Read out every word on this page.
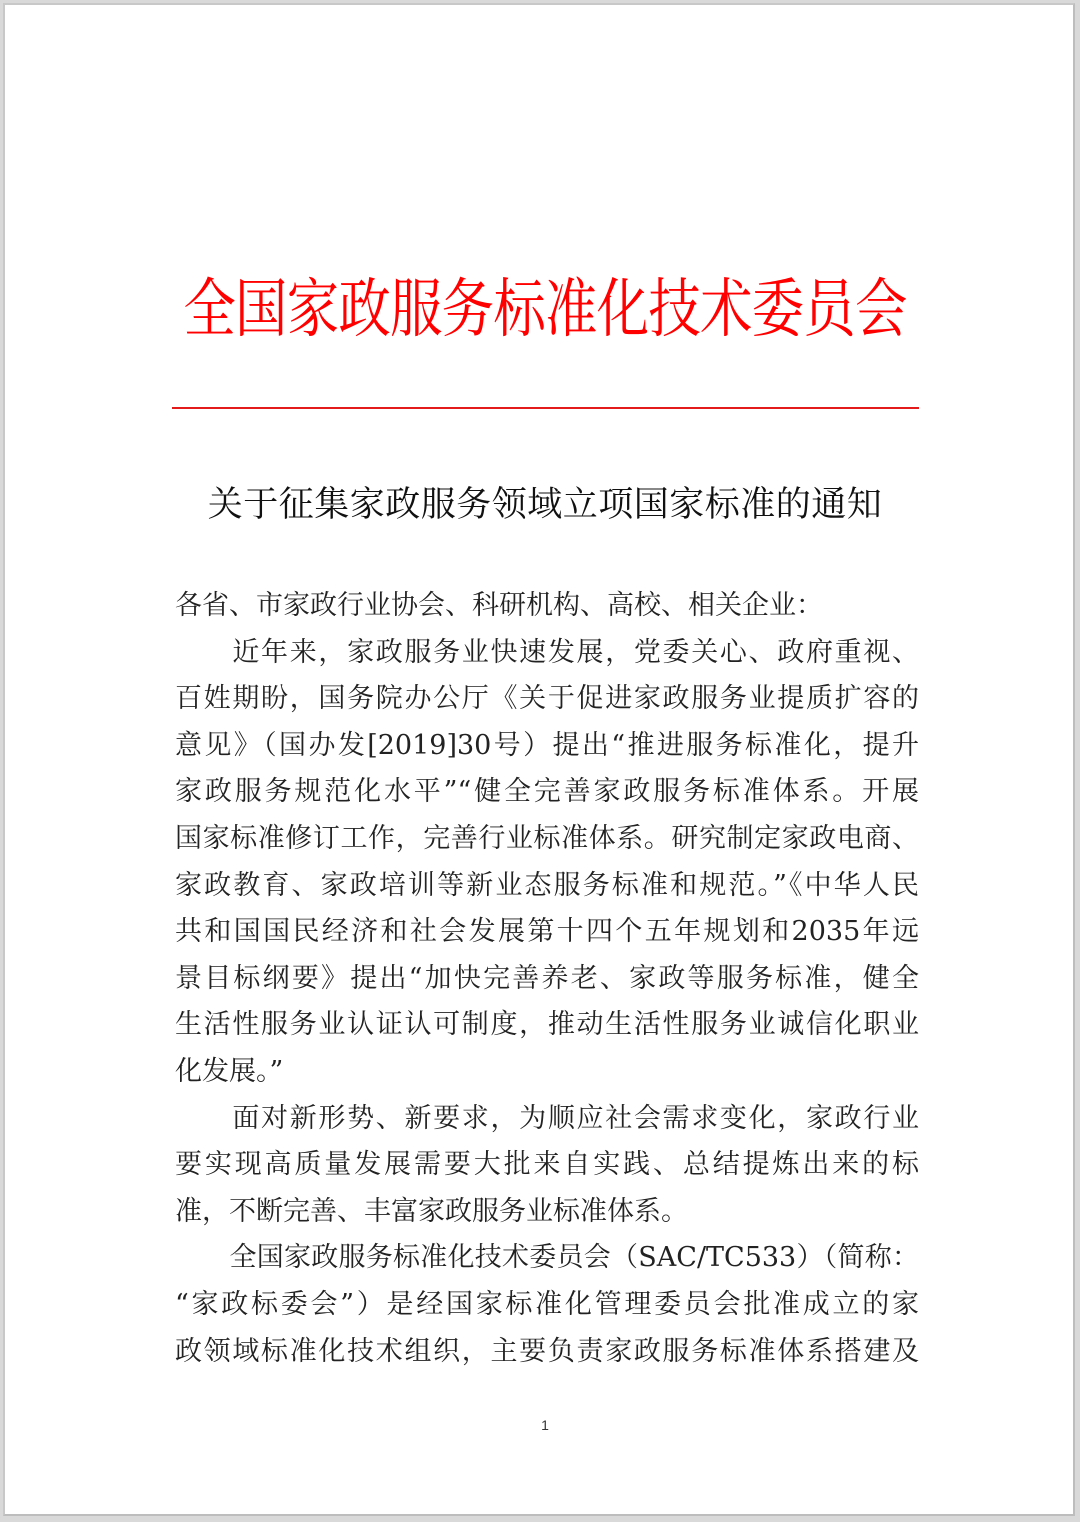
全国家政服务标准化技术委员会
关于征集家政服务领域立项国家标准的通知
各省、市家政行业协会、科研机构、高校、相关企业：
　　近年来，家政服务业快速发展，党委关心、政府重视、
百姓期盼，国务院办公厅《关于促进家政服务业提质扩容的
意见》（国办发[2019]30号）提出“推进服务标准化，提升
家政服务规范化水平”“健全完善家政服务标准体系。开展
国家标准修订工作，完善行业标准体系。研究制定家政电商、
家政教育、家政培训等新业态服务标准和规范。”《中华人民
共和国国民经济和社会发展第十四个五年规划和2035年远
景目标纲要》提出“加快完善养老、家政等服务标准，健全
生活性服务业认证认可制度，推动生活性服务业诚信化职业
化发展。”
　　面对新形势、新要求，为顺应社会需求变化，家政行业
要实现高质量发展需要大批来自实践、总结提炼出来的标
准，不断完善、丰富家政服务业标准体系。
　　全国家政服务标准化技术委员会（SAC/TC533）（简称：
“家政标委会”）是经国家标准化管理委员会批准成立的家
政领域标准化技术组织，主要负责家政服务标准体系搭建及
1
